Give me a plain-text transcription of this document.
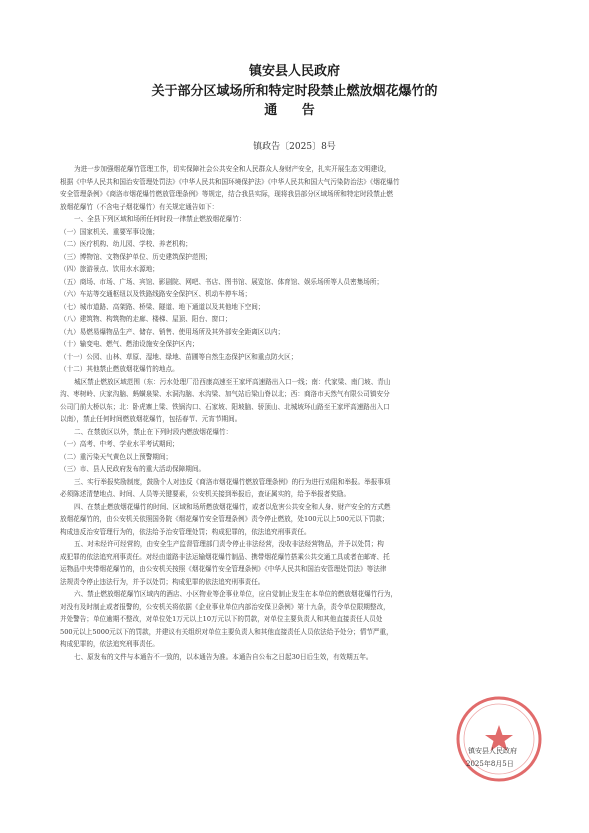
镇安县人民政府
关于部分区域场所和特定时段禁止燃放烟花爆竹的
通 告
镇政告〔2025〕8号

为进一步加强烟花爆竹管理工作，切实保障社会公共安全和人民群众人身财产安全，扎实开展生态文明建设，

根据《中华人民共和国治安管理处罚法》《中华人民共和国环境保护法》《中华人民共和国大气污染防治法》《烟花爆竹

安全管理条例》《商洛市烟花爆竹燃放管理条例》等规定，结合我县实际，现将我县部分区域场所和特定时段禁止燃

放烟花爆竹（不含电子烟花爆竹）有关规定通告如下：

一、全县下列区域和场所任何时段一律禁止燃放烟花爆竹：

（一）国家机关、重要军事设施；

（二）医疗机构、幼儿园、学校、养老机构；

（三）博物馆、文物保护单位、历史建筑保护范围；

（四）旅游景点、饮用水水源地；

（五）商场、市场、广场、宾馆、影剧院、网吧、书店、图书馆、展览馆、体育馆、娱乐场所等人员密集场所；

（六）车站等交通枢纽以及铁路线路安全保护区、机动车停车场；

（七）城市道路、高架路、桥梁、隧道、地下通道以及其他地下空间；

（八）建筑物、构筑物的走廊、楼梯、屋顶、阳台、窗口；

（九）易燃易爆物品生产、储存、销售、使用场所及其外部安全距离区以内；

（十）输变电、燃气、燃油设施安全保护区内；

（十一）公园、山林、草原、湿地、绿地、苗圃等自然生态保护区和重点防火区；

（十二）其他禁止燃放烟花爆竹的地点。

城区禁止燃放区域范围（东：污水处理厂沿西康高速至王家坪高速路出入口一线；南：代家梁、南门坡、青山

沟、枣树岭、庆家沟脑、蚂蟥泉梁、水洞沟脑、水沟梁、加气站后梁山脊以北；西：商洛市天然气有限公司镇安分

公司门前大桥以东；北：卧虎寨上梁、铁锅沟口、石家坡、阳坡脑、骄顶山、北城坡环山路至王家坪高速路出入口

以南），禁止任何时间燃放烟花爆竹，包括春节、元宵节期间。

二、在禁放区以外，禁止在下列时段内燃放烟花爆竹：

（一）高考、中考、学业水平考试期间；

（二）重污染天气黄色以上预警期间；

（三）市、县人民政府发布的重大活动保障期间。

三、实行举报奖励制度，鼓励个人对违反《商洛市烟花爆竹燃放管理条例》的行为进行劝阻和举报。举报事项

必须陈述清楚地点、时间、人员等关键要素，公安机关接到举报后，查证属实的，给予举报者奖励。

四、在禁止燃放烟花爆竹的时间、区域和场所燃放烟花爆竹，或者以危害公共安全和人身、财产安全的方式燃

放烟花爆竹的，由公安机关依照国务院《烟花爆竹安全管理条例》责令停止燃放，处100元以上500元以下罚款；

构成违反治安管理行为的，依法给予治安管理处罚；构成犯罪的，依法追究刑事责任。

五、对未经许可经营的，由安全生产监督管理部门责令停止非法经营，没收非法经营物品，并予以处罚；构

成犯罪的依法追究刑事责任。对经由道路非法运输烟花爆竹制品、携带烟花爆竹搭乘公共交通工具或者在邮寄、托

运物品中夹带烟花爆竹的，由公安机关按照《烟花爆竹安全管理条例》《中华人民共和国治安管理处罚法》等法律

法规责令停止违法行为，并予以处罚；构成犯罪的依法追究刑事责任。

六、禁止燃放烟花爆竹区域内的酒店、小区物业等企事业单位，应自觉制止发生在本单位的燃放烟花爆竹行为，

对没有及时制止或者报警的，公安机关将依据《企业事业单位内部治安保卫条例》第十九条，责令单位限期整改，

并处警告；单位逾期不整改，对单位处1万元以上10万元以下的罚款，对单位主要负责人和其他直接责任人员处

500元以上5000元以下的罚款，并建议有关组织对单位主要负责人和其他直接责任人员依法给予处分；情节严重，

构成犯罪的，依法追究刑事责任。

七、原发布的文件与本通告不一致的，以本通告为准。本通告自公布之日起30日后生效，有效期五年。

镇安县人民政府
2025年8月5日
